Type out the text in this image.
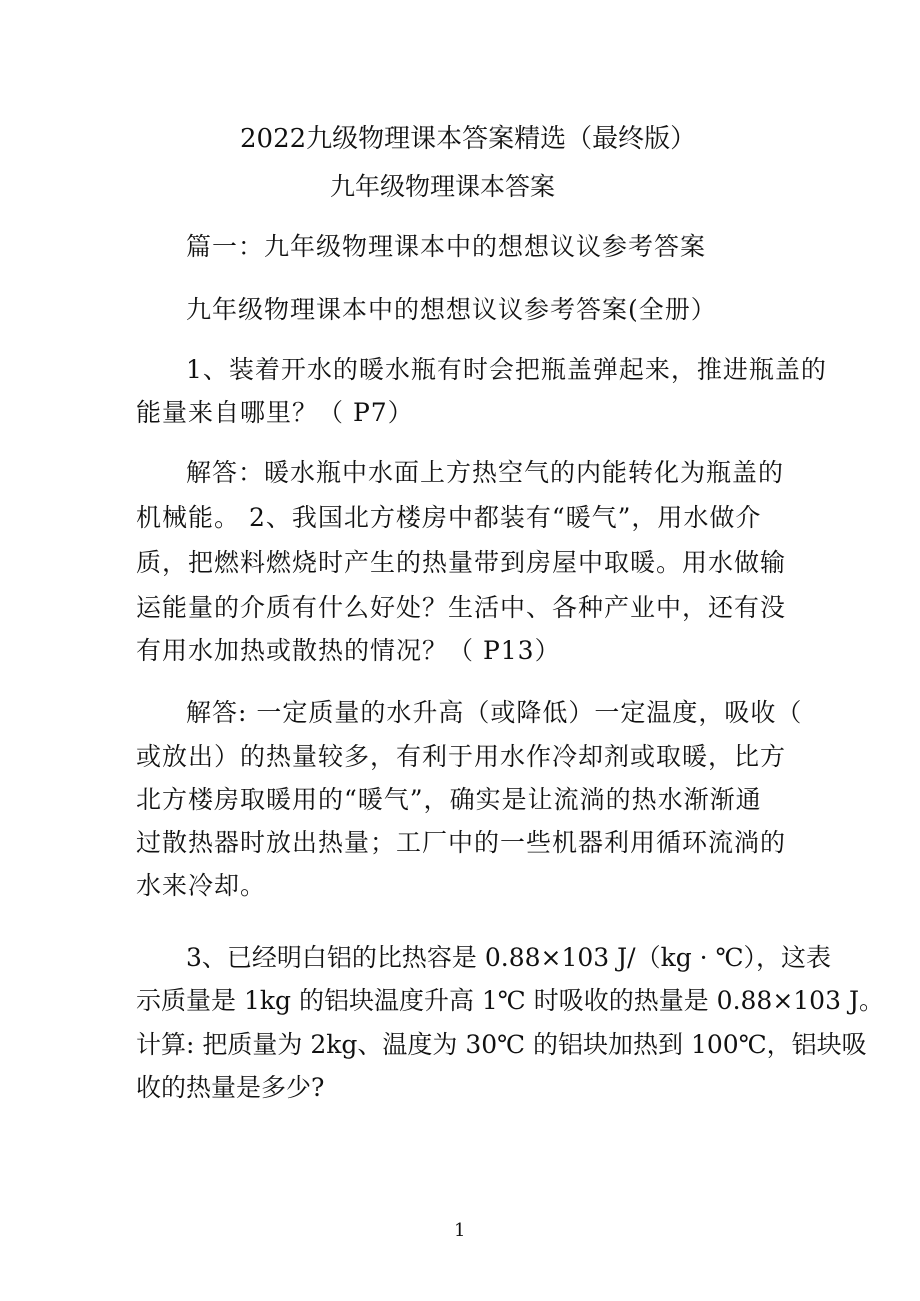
2022九级物理课本答案精选（最终版）
九年级物理课本答案
篇一：九年级物理课本中的想想议议参考答案
九年级物理课本中的想想议议参考答案(全册）
1、装着开水的暖水瓶有时会把瓶盖弹起来，推进瓶盖的
能量来自哪里？（ P7）
解答：暖水瓶中水面上方热空气的内能转化为瓶盖的
机械能。 2、我国北方楼房中都装有“暖气”，用水做介
质，把燃料燃烧时产生的热量带到房屋中取暖。用水做输
运能量的介质有什么好处？生活中、各种产业中，还有没
有用水加热或散热的情况？（ P13）
解答: 一定质量的水升高（或降低）一定温度，吸收（
或放出）的热量较多，有利于用水作冷却剂或取暖，比方
北方楼房取暖用的“暖气”，确实是让流淌的热水渐渐通
过散热器时放出热量；工厂中的一些机器利用循环流淌的
水来冷却。
3、已经明白铝的比热容是 0.88×103 J/（kg · ℃），这表
示质量是 1kg 的铝块温度升高 1℃ 时吸收的热量是 0.88×103 J。
计算: 把质量为 2kg、温度为 30℃ 的铝块加热到 100℃，铝块吸
收的热量是多少?
1
